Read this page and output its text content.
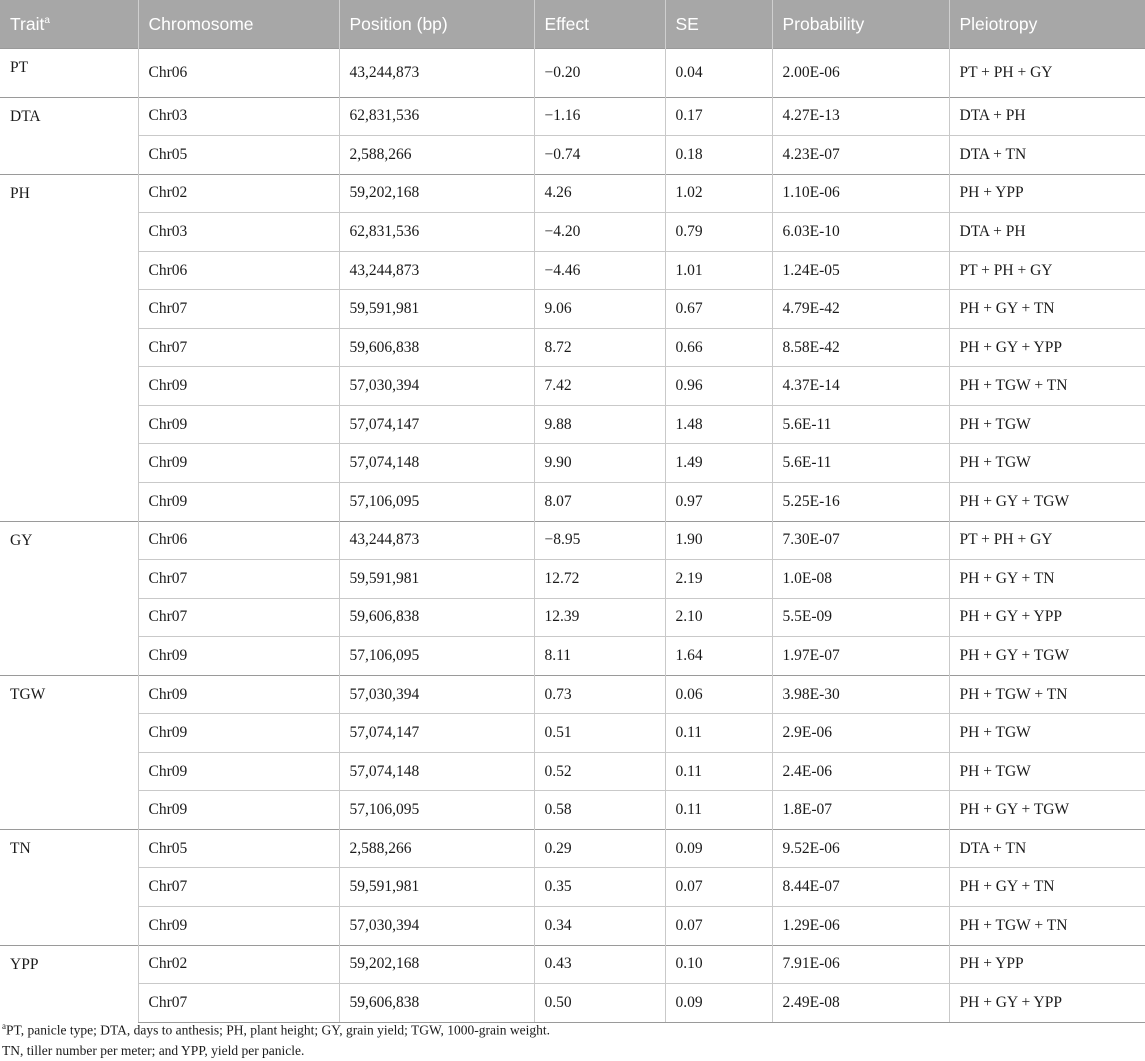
Trait$^a$	Chromosome	Position (bp)	Effect	SE	Probability	Pleiotropy
PT	Chr06	43,244,873	−0.20	0.04	2.00E-06	PT + PH + GY
DTA	Chr03	62,831,536	−1.16	0.17	4.27E-13	DTA + PH
	Chr05	2,588,266	−0.74	0.18	4.23E-07	DTA + TN
PH	Chr02	59,202,168	4.26	1.02	1.10E-06	PH + YPP
	Chr03	62,831,536	−4.20	0.79	6.03E-10	DTA + PH
	Chr06	43,244,873	−4.46	1.01	1.24E-05	PT + PH + GY
	Chr07	59,591,981	9.06	0.67	4.79E-42	PH + GY + TN
	Chr07	59,606,838	8.72	0.66	8.58E-42	PH + GY + YPP
	Chr09	57,030,394	7.42	0.96	4.37E-14	PH + TGW + TN
	Chr09	57,074,147	9.88	1.48	5.6E-11	PH + TGW
	Chr09	57,074,148	9.90	1.49	5.6E-11	PH + TGW
	Chr09	57,106,095	8.07	0.97	5.25E-16	PH + GY + TGW
GY	Chr06	43,244,873	−8.95	1.90	7.30E-07	PT + PH + GY
	Chr07	59,591,981	12.72	2.19	1.0E-08	PH + GY + TN
	Chr07	59,606,838	12.39	2.10	5.5E-09	PH + GY + YPP
	Chr09	57,106,095	8.11	1.64	1.97E-07	PH + GY + TGW
TGW	Chr09	57,030,394	0.73	0.06	3.98E-30	PH + TGW + TN
	Chr09	57,074,147	0.51	0.11	2.9E-06	PH + TGW
	Chr09	57,074,148	0.52	0.11	2.4E-06	PH + TGW
	Chr09	57,106,095	0.58	0.11	1.8E-07	PH + GY + TGW
TN	Chr05	2,588,266	0.29	0.09	9.52E-06	DTA + TN
	Chr07	59,591,981	0.35	0.07	8.44E-07	PH + GY + TN
	Chr09	57,030,394	0.34	0.07	1.29E-06	PH + TGW + TN
YPP	Chr02	59,202,168	0.43	0.10	7.91E-06	PH + YPP
	Chr07	59,606,838	0.50	0.09	2.49E-08	PH + GY + YPP
$^a$PT, panicle type; DTA, days to anthesis; PH, plant height; GY, grain yield; TGW, 1000-grain weight.
TN, tiller number per meter; and YPP, yield per panicle.
